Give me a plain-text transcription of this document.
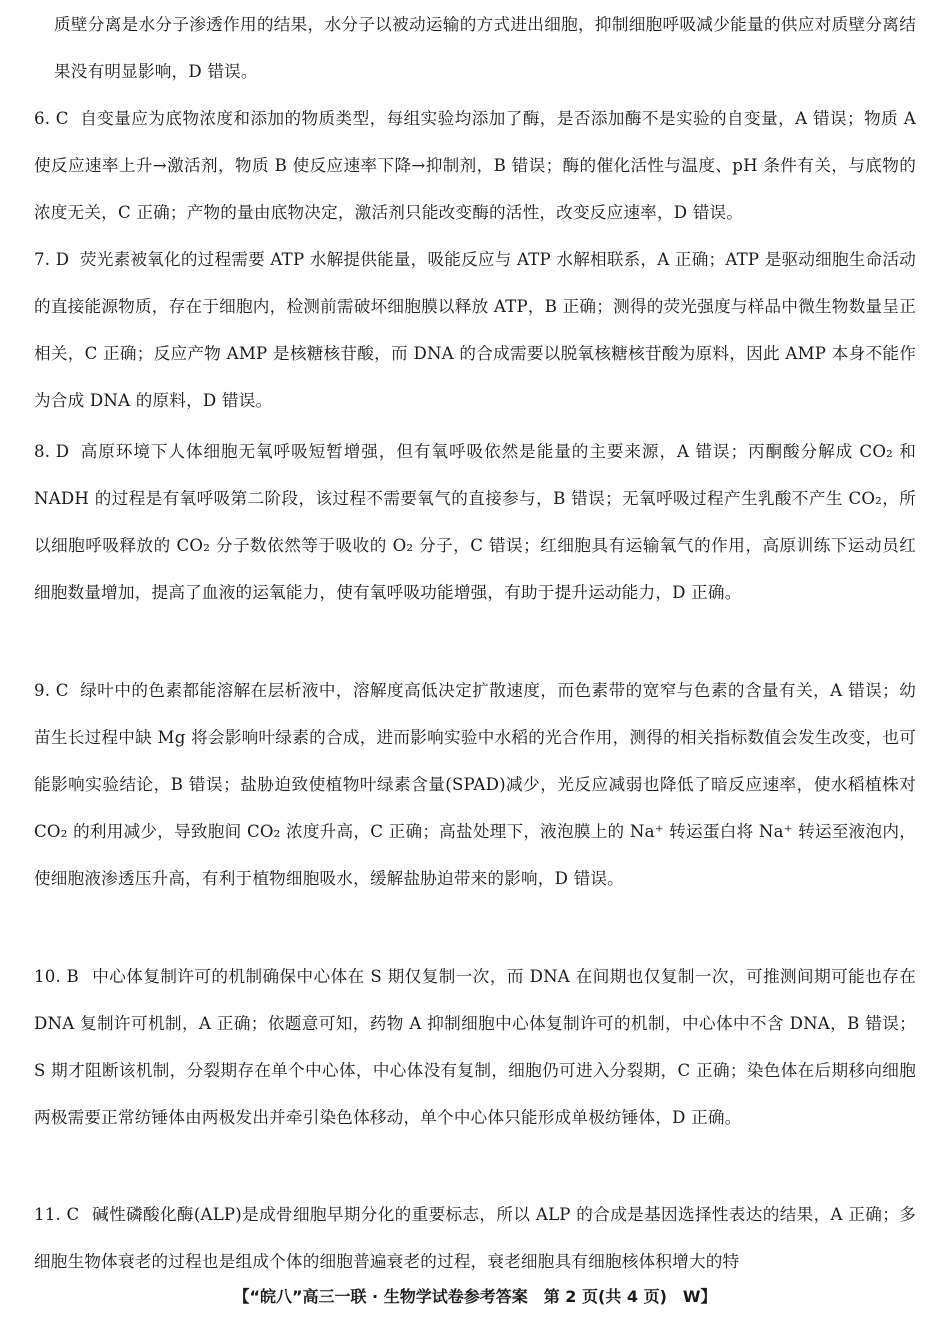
质壁分离是水分子渗透作用的结果，水分子以被动运输的方式进出细胞，抑制细胞呼吸减少能量的供应对质壁分离结果没有明显影响，D 错误。
6. C 自变量应为底物浓度和添加的物质类型，每组实验均添加了酶，是否添加酶不是实验的自变量，A 错误；物质 A 使反应速率上升→激活剂，物质 B 使反应速率下降→抑制剂，B 错误；酶的催化活性与温度、pH 条件有关，与底物的浓度无关，C 正确；产物的量由底物决定，激活剂只能改变酶的活性，改变反应速率，D 错误。
7. D 荧光素被氧化的过程需要 ATP 水解提供能量，吸能反应与 ATP 水解相联系，A 正确；ATP 是驱动细胞生命活动的直接能源物质，存在于细胞内，检测前需破坏细胞膜以释放 ATP，B 正确；测得的荧光强度与样品中微生物数量呈正相关，C 正确；反应产物 AMP 是核糖核苷酸，而 DNA 的合成需要以脱氧核糖核苷酸为原料，因此 AMP 本身不能作为合成 DNA 的原料，D 错误。
8. D 高原环境下人体细胞无氧呼吸短暂增强，但有氧呼吸依然是能量的主要来源，A 错误；丙酮酸分解成 CO₂ 和 NADH 的过程是有氧呼吸第二阶段，该过程不需要氧气的直接参与，B 错误；无氧呼吸过程产生乳酸不产生 CO₂，所以细胞呼吸释放的 CO₂ 分子数依然等于吸收的 O₂ 分子，C 错误；红细胞具有运输氧气的作用，高原训练下运动员红细胞数量增加，提高了血液的运氧能力，使有氧呼吸功能增强，有助于提升运动能力，D 正确。
9. C 绿叶中的色素都能溶解在层析液中，溶解度高低决定扩散速度，而色素带的宽窄与色素的含量有关，A 错误；幼苗生长过程中缺 Mg 将会影响叶绿素的合成，进而影响实验中水稻的光合作用，测得的相关指标数值会发生改变，也可能影响实验结论，B 错误；盐胁迫致使植物叶绿素含量(SPAD)减少，光反应减弱也降低了暗反应速率，使水稻植株对 CO₂ 的利用减少，导致胞间 CO₂ 浓度升高，C 正确；高盐处理下，液泡膜上的 Na⁺ 转运蛋白将 Na⁺ 转运至液泡内，使细胞液渗透压升高，有利于植物细胞吸水，缓解盐胁迫带来的影响，D 错误。
10. B 中心体复制许可的机制确保中心体在 S 期仅复制一次，而 DNA 在间期也仅复制一次，可推测间期可能也存在 DNA 复制许可机制，A 正确；依题意可知，药物 A 抑制细胞中心体复制许可的机制，中心体中不含 DNA，B 错误；S 期才阻断该机制，分裂期存在单个中心体，中心体没有复制，细胞仍可进入分裂期，C 正确；染色体在后期移向细胞两极需要正常纺锤体由两极发出并牵引染色体移动，单个中心体只能形成单极纺锤体，D 正确。
11. C 碱性磷酸化酶(ALP)是成骨细胞早期分化的重要标志，所以 ALP 的合成是基因选择性表达的结果，A 正确；多细胞生物体衰老的过程也是组成个体的细胞普遍衰老的过程，衰老细胞具有细胞核体积增大的特
【“皖八”高三一联 · 生物学试卷参考答案　第 2 页(共 4 页)　W】
